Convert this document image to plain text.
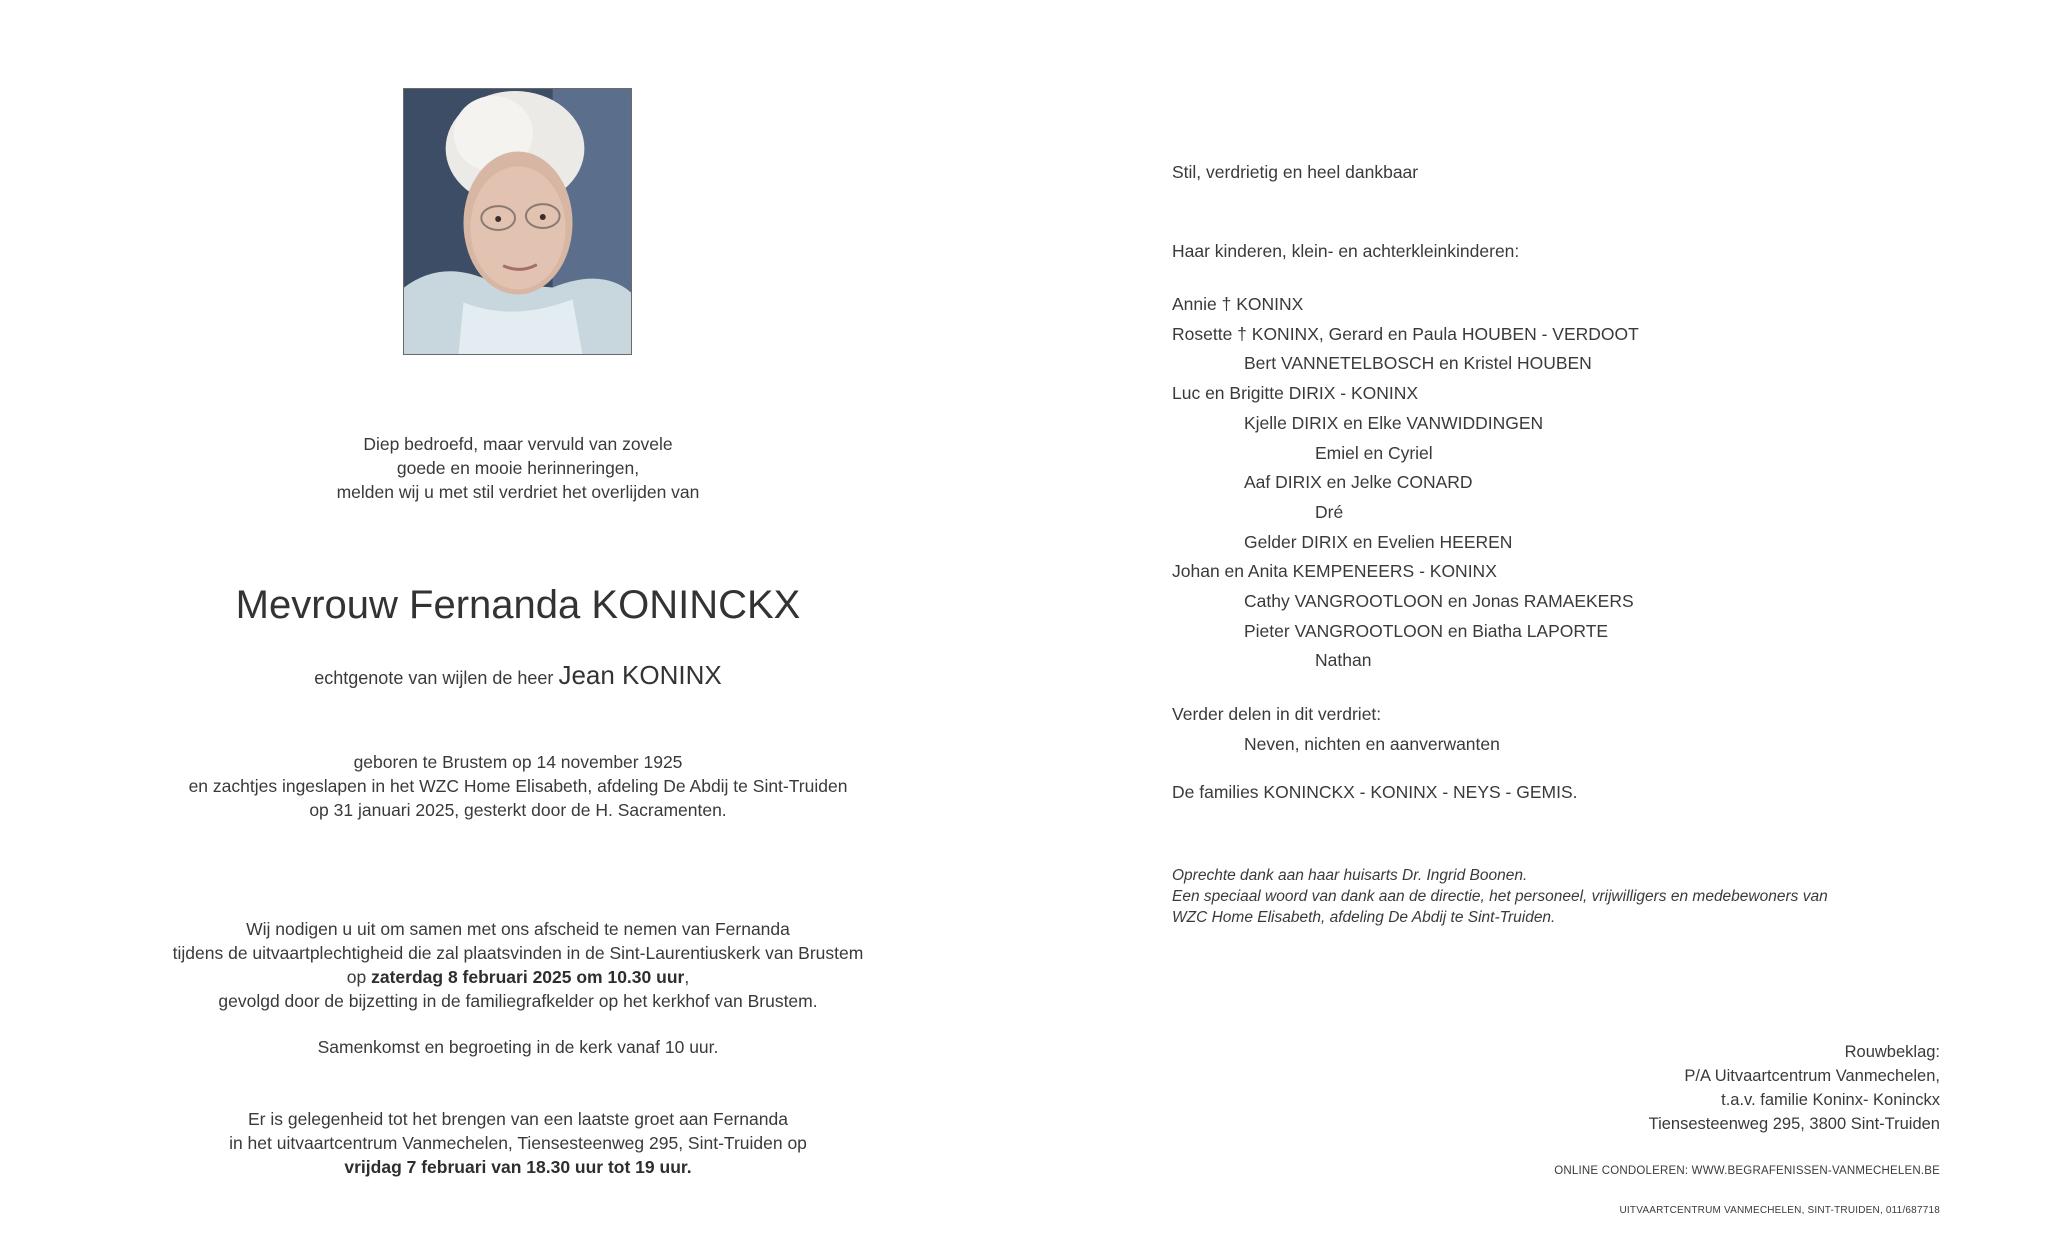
Diep bedroefd, maar vervuld van zovele
goede en mooie herinneringen,
melden wij u met stil verdriet het overlijden van
Mevrouw Fernanda KONINCKX
echtgenote van wijlen de heer Jean KONINX
geboren te Brustem op 14 november 1925
en zachtjes ingeslapen in het WZC Home Elisabeth, afdeling De Abdij te Sint-Truiden
op 31 januari 2025, gesterkt door de H. Sacramenten.
Wij nodigen u uit om samen met ons afscheid te nemen van Fernanda
tijdens de uitvaartplechtigheid die zal plaatsvinden in de Sint-Laurentiuskerk van Brustem
op zaterdag 8 februari 2025 om 10.30 uur,
gevolgd door de bijzetting in de familiegrafkelder op het kerkhof van Brustem.
Samenkomst en begroeting in de kerk vanaf 10 uur.
Er is gelegenheid tot het brengen van een laatste groet aan Fernanda
in het uitvaartcentrum Vanmechelen, Tiensesteenweg 295, Sint-Truiden op
vrijdag 7 februari van 18.30 uur tot 19 uur.
Stil, verdrietig en heel dankbaar
Haar kinderen, klein- en achterkleinkinderen:
Annie † KONINX
Rosette † KONINX, Gerard en Paula HOUBEN - VERDOOT
Bert VANNETELBOSCH en Kristel HOUBEN
Luc en Brigitte DIRIX - KONINX
Kjelle DIRIX en Elke VANWIDDINGEN
Emiel en Cyriel
Aaf DIRIX en Jelke CONARD
Dré
Gelder DIRIX en Evelien HEEREN
Johan en Anita KEMPENEERS - KONINX
Cathy VANGROOTLOON en Jonas RAMAEKERS
Pieter VANGROOTLOON en Biatha LAPORTE
Nathan
Verder delen in dit verdriet:
Neven, nichten en aanverwanten
De families KONINCKX - KONINX - NEYS - GEMIS.
Oprechte dank aan haar huisarts Dr. Ingrid Boonen.
Een speciaal woord van dank aan de directie, het personeel, vrijwilligers en medebewoners van
WZC Home Elisabeth, afdeling De Abdij te Sint-Truiden.
Rouwbeklag:
P/A Uitvaartcentrum Vanmechelen,
t.a.v. familie Koninx- Koninckx
Tiensesteenweg 295, 3800 Sint-Truiden
ONLINE CONDOLEREN: WWW.BEGRAFENISSEN-VANMECHELEN.BE
UITVAARTCENTRUM VANMECHELEN, SINT-TRUIDEN, 011/687718
